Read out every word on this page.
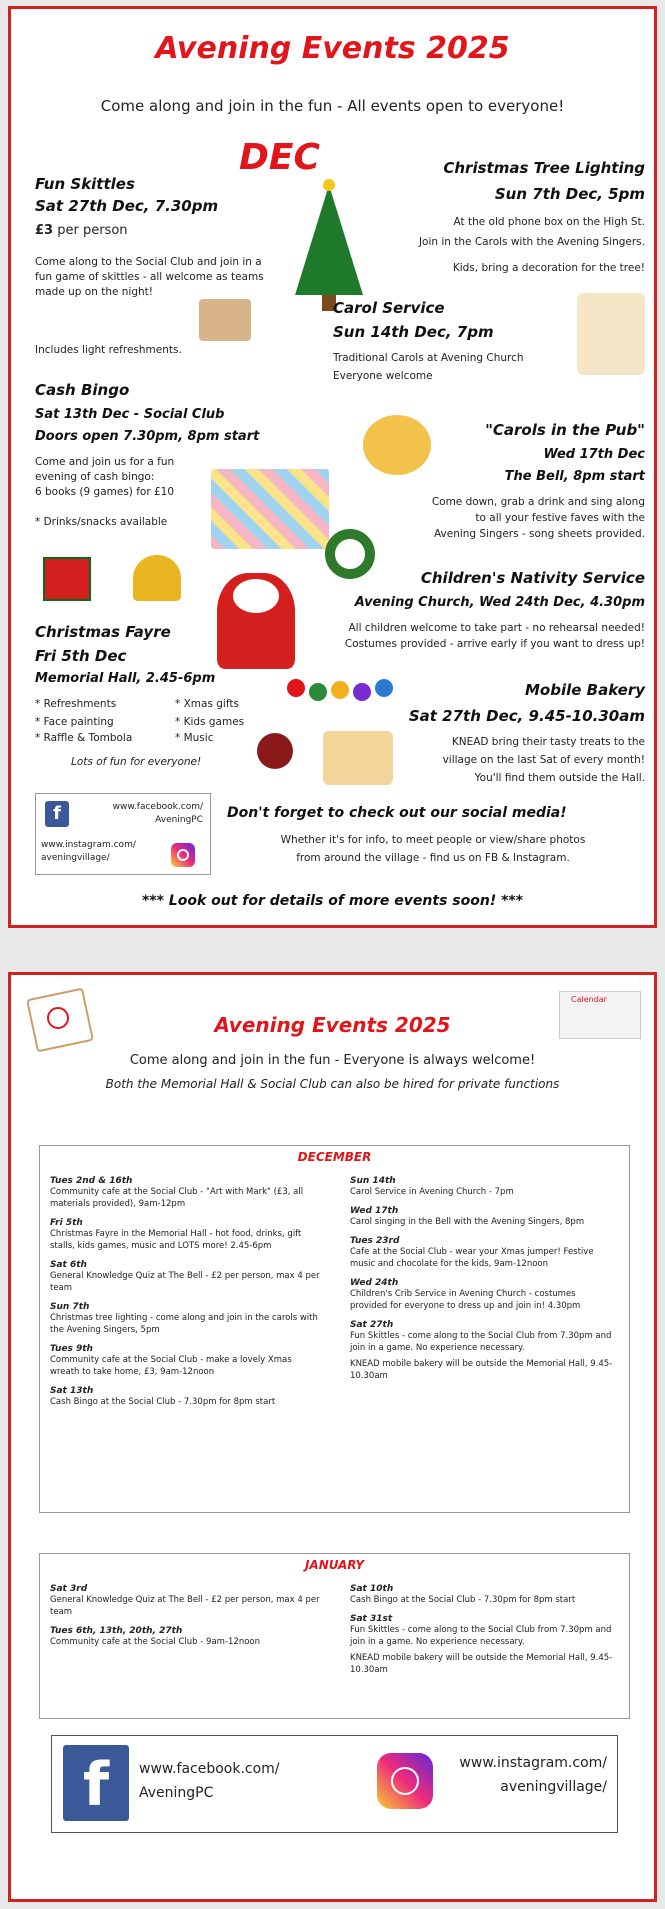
Avening Events 2025
Come along and join in the fun - All events open to everyone!
DEC
Fun Skittles
Sat 27th Dec, 7.30pm
£3 per person
Come along to the Social Club and join in a fun game of skittles - all welcome as teams made up on the night!
Includes light refreshments.
Christmas Tree Lighting
Sun 7th Dec, 5pm
At the old phone box on the High St.
Join in the Carols with the Avening Singers.
Kids, bring a decoration for the tree!
Carol Service
Sun 14th Dec, 7pm
Traditional Carols at Avening Church
Everyone welcome
Cash Bingo
Sat 13th Dec - Social Club
Doors open 7.30pm, 8pm start
Come and join us for a fun evening of cash bingo:
6 books (9 games) for £10
* Drinks/snacks available
"Carols in the Pub"
Wed 17th Dec
The Bell, 8pm start
Come down, grab a drink and sing along
to all your festive faves with the
Avening Singers - song sheets provided.
Children's Nativity Service
Avening Church, Wed 24th Dec, 4.30pm
All children welcome to take part - no rehearsal needed!
Costumes provided - arrive early if you want to dress up!
Christmas Fayre
Fri 5th Dec
Memorial Hall, 2.45-6pm
* Refreshments	* Xmas gifts
* Face painting	* Kids games
* Raffle & Tombola	* Music
Lots of fun for everyone!
Mobile Bakery
Sat 27th Dec, 9.45-10.30am
KNEAD bring their tasty treats to the
village on the last Sat of every month!
You'll find them outside the Hall.
f	www.facebook.com/ AveningPC
www.instagram.com/ aveningvillage/
Don't forget to check out our social media!
Whether it's for info, to meet people or view/share photos
from around the village - find us on FB & Instagram.
*** Look out for details of more events soon! ***
Avening Events 2025
Calendar
Come along and join in the fun - Everyone is always welcome!
Both the Memorial Hall & Social Club can also be hired for private functions
DECEMBER
Tues 2nd & 16th
Community cafe at the Social Club - "Art with Mark" (£3, all materials provided), 9am-12pm
Fri 5th
Christmas Fayre in the Memorial Hall - hot food, drinks, gift stalls, kids games, music and LOTS more! 2.45-6pm
Sat 6th
General Knowledge Quiz at The Bell - £2 per person, max 4 per team
Sun 7th
Christmas tree lighting - come along and join in the carols with the Avening Singers, 5pm
Tues 9th
Community cafe at the Social Club - make a lovely Xmas wreath to take home, £3, 9am-12noon
Sat 13th
Cash Bingo at the Social Club - 7.30pm for 8pm start
Sun 14th
Carol Service in Avening Church - 7pm
Wed 17th
Carol singing in the Bell with the Avening Singers, 8pm
Tues 23rd
Cafe at the Social Club - wear your Xmas jumper! Festive music and chocolate for the kids, 9am-12noon
Wed 24th
Children's Crib Service in Avening Church - costumes provided for everyone to dress up and join in! 4.30pm
Sat 27th
Fun Skittles - come along to the Social Club from 7.30pm and join in a game. No experience necessary.
KNEAD mobile bakery will be outside the Memorial Hall, 9.45-10.30am
JANUARY
Sat 3rd
General Knowledge Quiz at The Bell - £2 per person, max 4 per team
Tues 6th, 13th, 20th, 27th
Community cafe at the Social Club - 9am-12noon
Sat 10th
Cash Bingo at the Social Club - 7.30pm for 8pm start
Sat 31st
Fun Skittles - come along to the Social Club from 7.30pm and join in a game. No experience necessary.
KNEAD mobile bakery will be outside the Memorial Hall, 9.45-10.30am
f	www.facebook.com/
AveningPC
www.instagram.com/
aveningvillage/
